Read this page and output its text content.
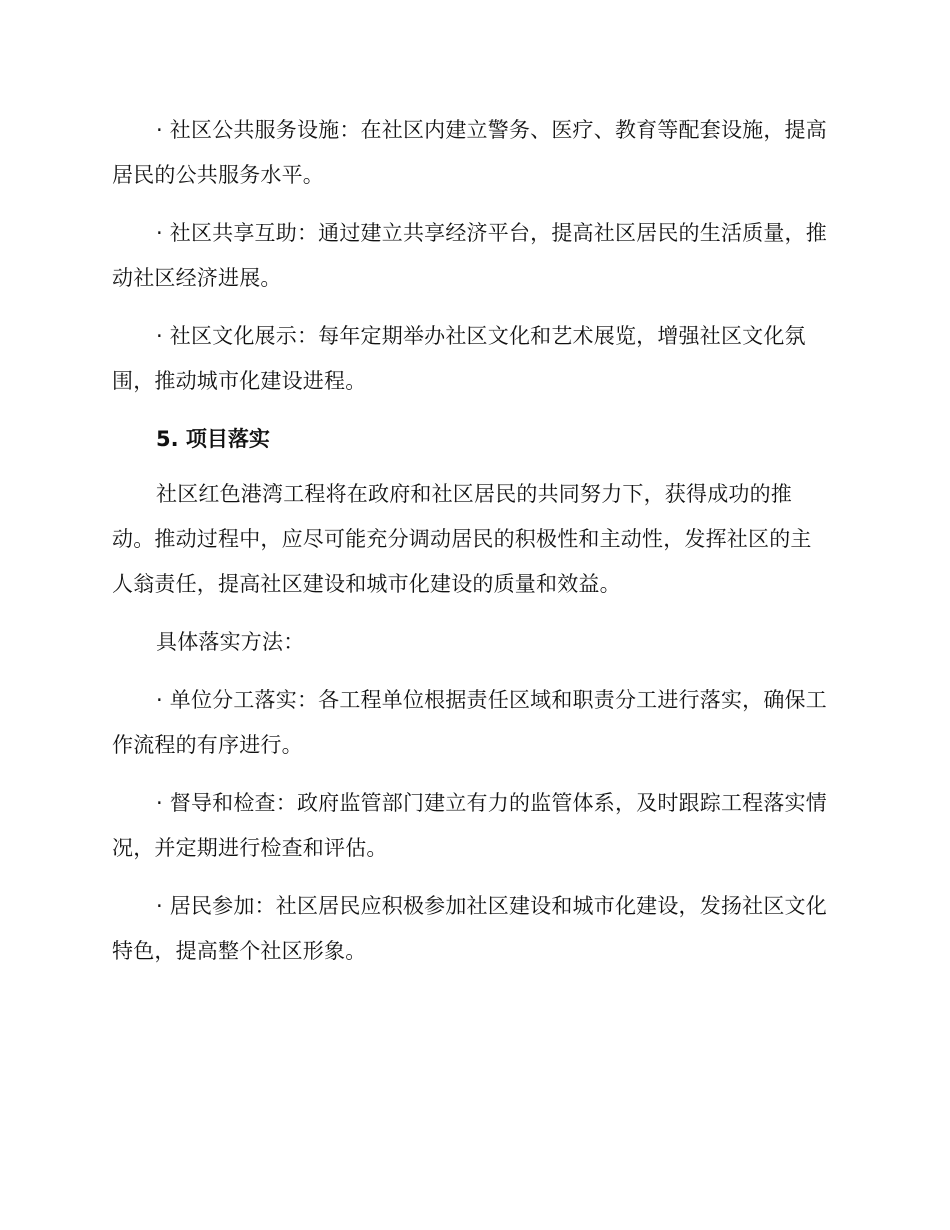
· 社区公共服务设施：在社区内建立警务、医疗、教育等配套设施，提高居民的公共服务水平。

· 社区共享互助：通过建立共享经济平台，提高社区居民的生活质量，推动社区经济进展。

· 社区文化展示：每年定期举办社区文化和艺术展览，增强社区文化氛围，推动城市化建设进程。

5. 项目落实

社区红色港湾工程将在政府和社区居民的共同努力下，获得成功的推动。推动过程中，应尽可能充分调动居民的积极性和主动性，发挥社区的主人翁责任，提高社区建设和城市化建设的质量和效益。

具体落实方法：

· 单位分工落实：各工程单位根据责任区域和职责分工进行落实，确保工作流程的有序进行。

· 督导和检查：政府监管部门建立有力的监管体系，及时跟踪工程落实情况，并定期进行检查和评估。

· 居民参加：社区居民应积极参加社区建设和城市化建设，发扬社区文化特色，提高整个社区形象。
